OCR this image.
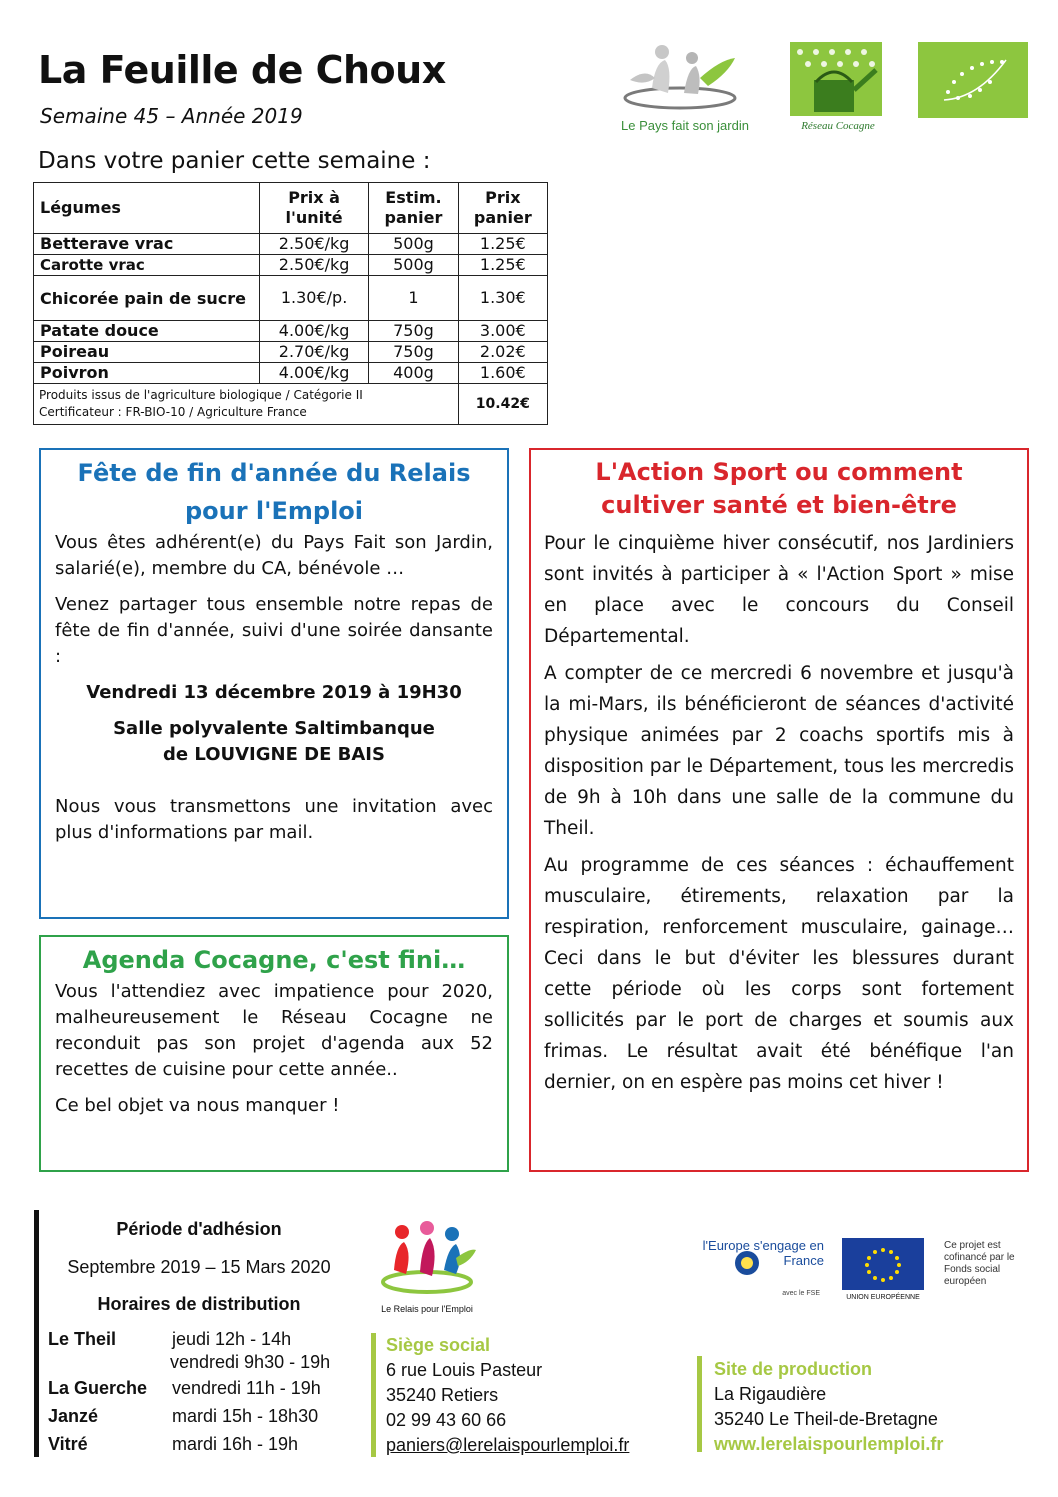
La Feuille de Choux
Semaine 45 – Année 2019
Dans votre panier cette semaine :
Le Pays fait son jardin	Réseau Cocagne
Légumes	Prix à l'unité	Estim. panier	Prix panier
Betterave vrac	2.50€/kg	500g	1.25€
Carotte vrac	2.50€/kg	500g	1.25€
Chicorée pain de sucre	1.30€/p.	1	1.30€
Patate douce	4.00€/kg	750g	3.00€
Poireau	2.70€/kg	750g	2.02€
Poivron	4.00€/kg	400g	1.60€

Produits issus de l'agriculture biologique / Catégorie II
Certificateur : FR-BIO-10 / Agriculture France			10.42€
Fête de fin d'année du Relais pour l'Emploi

Vous êtes adhérent(e) du Pays Fait son Jardin, salarié(e), membre du CA, bénévole …

Venez partager tous ensemble notre repas de fête de fin d'année, suivi d'une soirée dansante :

Vendredi 13 décembre 2019 à 19H30

Salle polyvalente Saltimbanque de LOUVIGNE DE BAIS

Nous vous transmettons une invitation avec plus d'informations par mail.

Agenda Cocagne, c'est fini…

Vous l'attendiez avec impatience pour 2020, malheureusement le Réseau Cocagne ne reconduit pas son projet d'agenda aux 52 recettes de cuisine pour cette année..

Ce bel objet va nous manquer !

L'Action Sport ou comment cultiver santé et bien-être

Pour le cinquième hiver consécutif, nos Jardiniers sont invités à participer à « l'Action Sport » mise en place avec le concours du Conseil Départemental.

A compter de ce mercredi 6 novembre et jusqu'à la mi-Mars, ils bénéficieront de séances d'activité physique animées par 2 coachs sportifs mis à disposition par le Département, tous les mercredis de 9h à 10h dans une salle de la commune du Theil.

Au programme de ces séances : échauffement musculaire, étirements, relaxation par la respiration, renforcement musculaire, gainage… Ceci dans le but d'éviter les blessures durant cette période où les corps sont fortement sollicités par le port de charges et soumis aux frimas. Le résultat avait été bénéfique l'an dernier, on en espère pas moins cet hiver !

Période d'adhésion
Septembre 2019 – 15 Mars 2020
Horaires de distribution
Le Theil	jeudi 12h - 14h
vendredi 9h30 - 19h
La Guerche vendredi 11h - 19h
Janzé	mardi 15h - 18h30
Vitré	mardi 16h - 19h
Le Relais pour l'Emploi
l'Europe s'engage en France
avec le FSE
UNION EUROPÉENNE
Ce projet est cofinancé par le Fonds social européen
Siège social
6 rue Louis Pasteur
35240 Retiers
02 99 43 60 66
paniers@lerelaispourlemploi.fr
Site de production
La Rigaudière
35240 Le Theil-de-Bretagne
www.lerelaispourlemploi.fr
